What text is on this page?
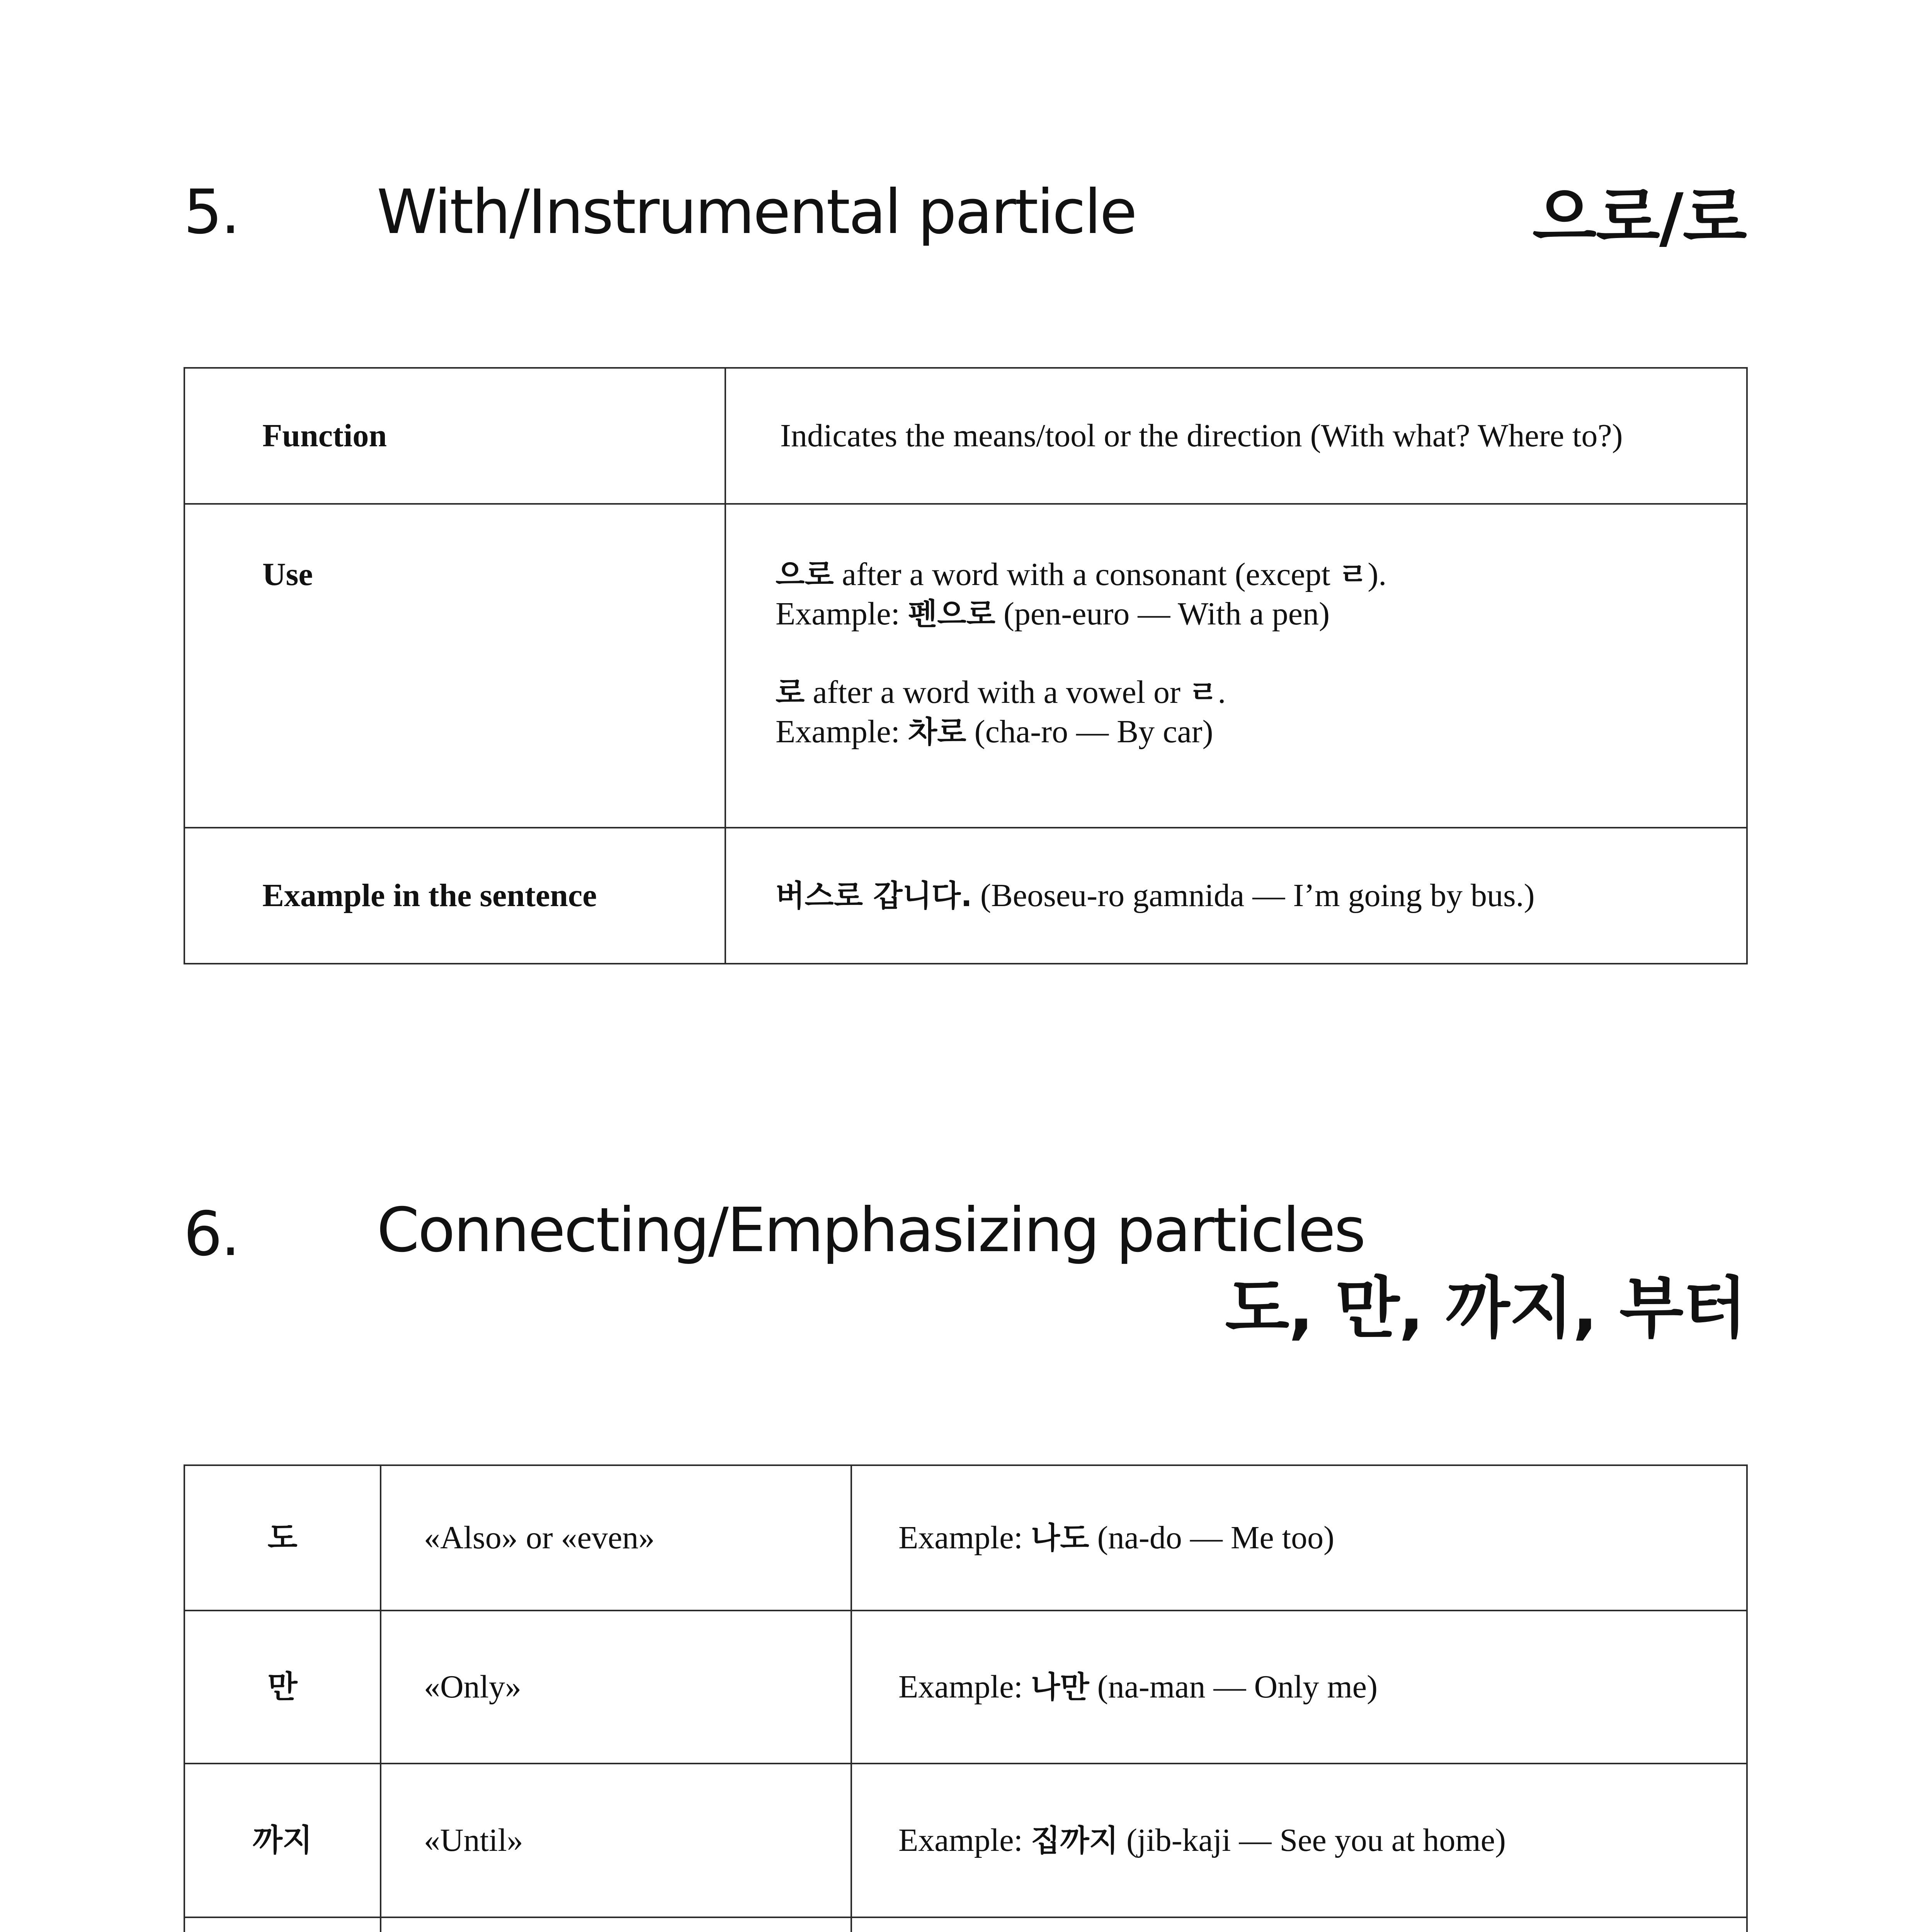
5. With/Instrumental particle	으로/로
Function	Indicates the means/tool or the direction (With what? Where to?)
Use	으로 after a word with a consonant (except ㄹ).
Example: 펜으로 (pen-euro — With a pen)
로 after a word with a vowel or ㄹ.
Example: 차로 (cha-ro — By car)

Example in the sentence	버스로 갑니다. (Beoseu-ro gamnida — I’m going by bus.)
6. Connecting/Emphasizing particles
도, 만, 까지, 부터
도	«Also» or «even»	Example: 나도 (na-do — Me too)
만	«Only»	Example: 나만 (na-man — Only me)
까지	«Until»	Example: 집까지 (jib-kaji — See you at home)
